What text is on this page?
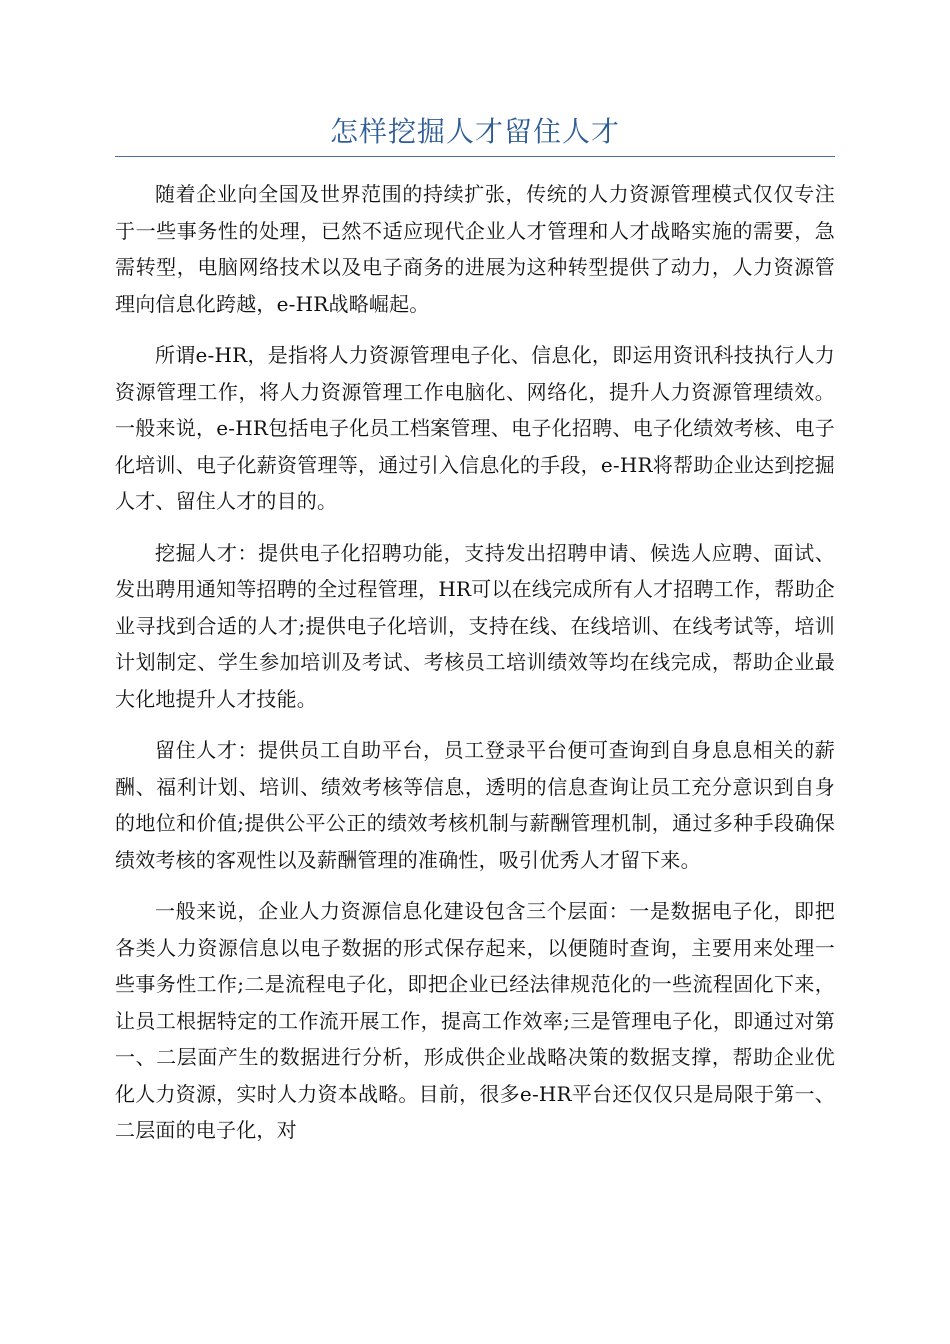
怎样挖掘人才留住人才

随着企业向全国及世界范围的持续扩张，传统的人力资源管理模式仅仅专注于一些事务性的处理，已然不适应现代企业人才管理和人才战略实施的需要，急需转型，电脑网络技术以及电子商务的进展为这种转型提供了动力，人力资源管理向信息化跨越，e-HR战略崛起。

所谓e-HR，是指将人力资源管理电子化、信息化，即运用资讯科技执行人力资源管理工作，将人力资源管理工作电脑化、网络化，提升人力资源管理绩效。一般来说，e-HR包括电子化员工档案管理、电子化招聘、电子化绩效考核、电子化培训、电子化薪资管理等，通过引入信息化的手段，e-HR将帮助企业达到挖掘人才、留住人才的目的。

挖掘人才：提供电子化招聘功能，支持发出招聘申请、候选人应聘、面试、发出聘用通知等招聘的全过程管理，HR可以在线完成所有人才招聘工作，帮助企业寻找到合适的人才;提供电子化培训，支持在线、在线培训、在线考试等，培训计划制定、学生参加培训及考试、考核员工培训绩效等均在线完成，帮助企业最大化地提升人才技能。

留住人才：提供员工自助平台，员工登录平台便可查询到自身息息相关的薪酬、福利计划、培训、绩效考核等信息，透明的信息查询让员工充分意识到自身的地位和价值;提供公平公正的绩效考核机制与薪酬管理机制，通过多种手段确保绩效考核的客观性以及薪酬管理的准确性，吸引优秀人才留下来。

一般来说，企业人力资源信息化建设包含三个层面：一是数据电子化，即把各类人力资源信息以电子数据的形式保存起来，以便随时查询，主要用来处理一些事务性工作;二是流程电子化，即把企业已经法律规范化的一些流程固化下来，让员工根据特定的工作流开展工作，提高工作效率;三是管理电子化，即通过对第一、二层面产生的数据进行分析，形成供企业战略决策的数据支撑，帮助企业优化人力资源，实时人力资本战略。目前，很多e-HR平台还仅仅只是局限于第一、二层面的电子化，对
